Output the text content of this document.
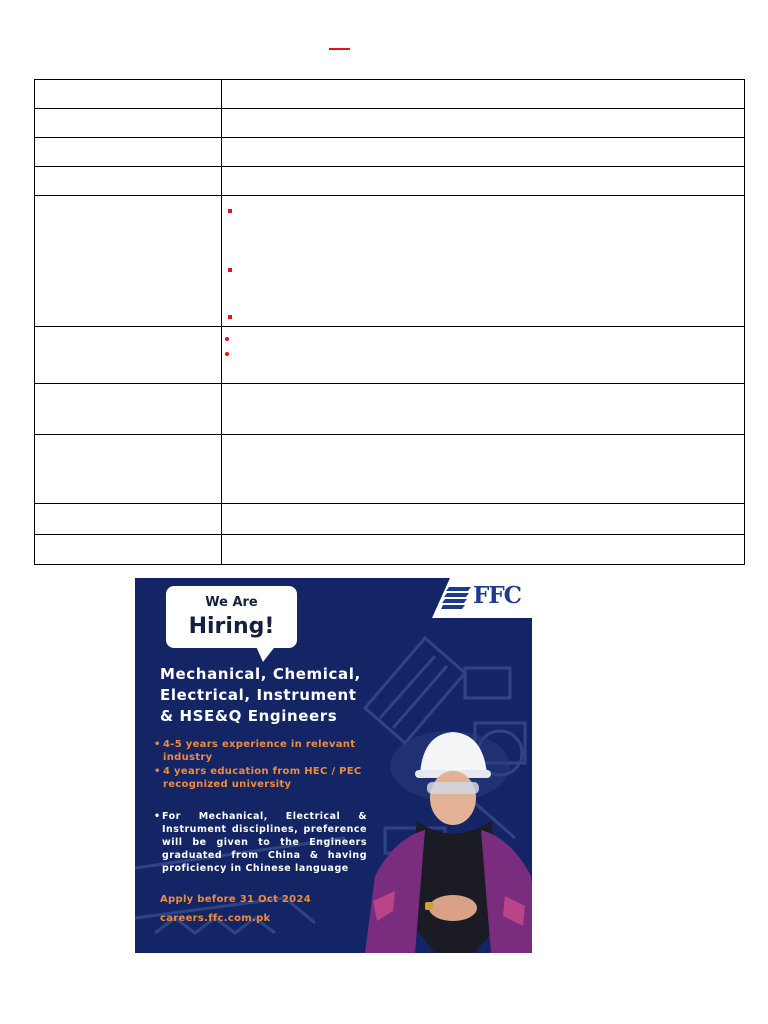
We Are
Hiring!
FFC
Mechanical, Chemical,
Electrical, Instrument
& HSE&Q Engineers
• 4-5 years experience in relevant industry
• 4 years education from HEC / PEC recognized university
• For Mechanical, Electrical & Instrument disciplines, preference will be given to the Engineers graduated from China & having proficiency in Chinese language
Apply before 31 Oct 2024
careers.ffc.com.pk
